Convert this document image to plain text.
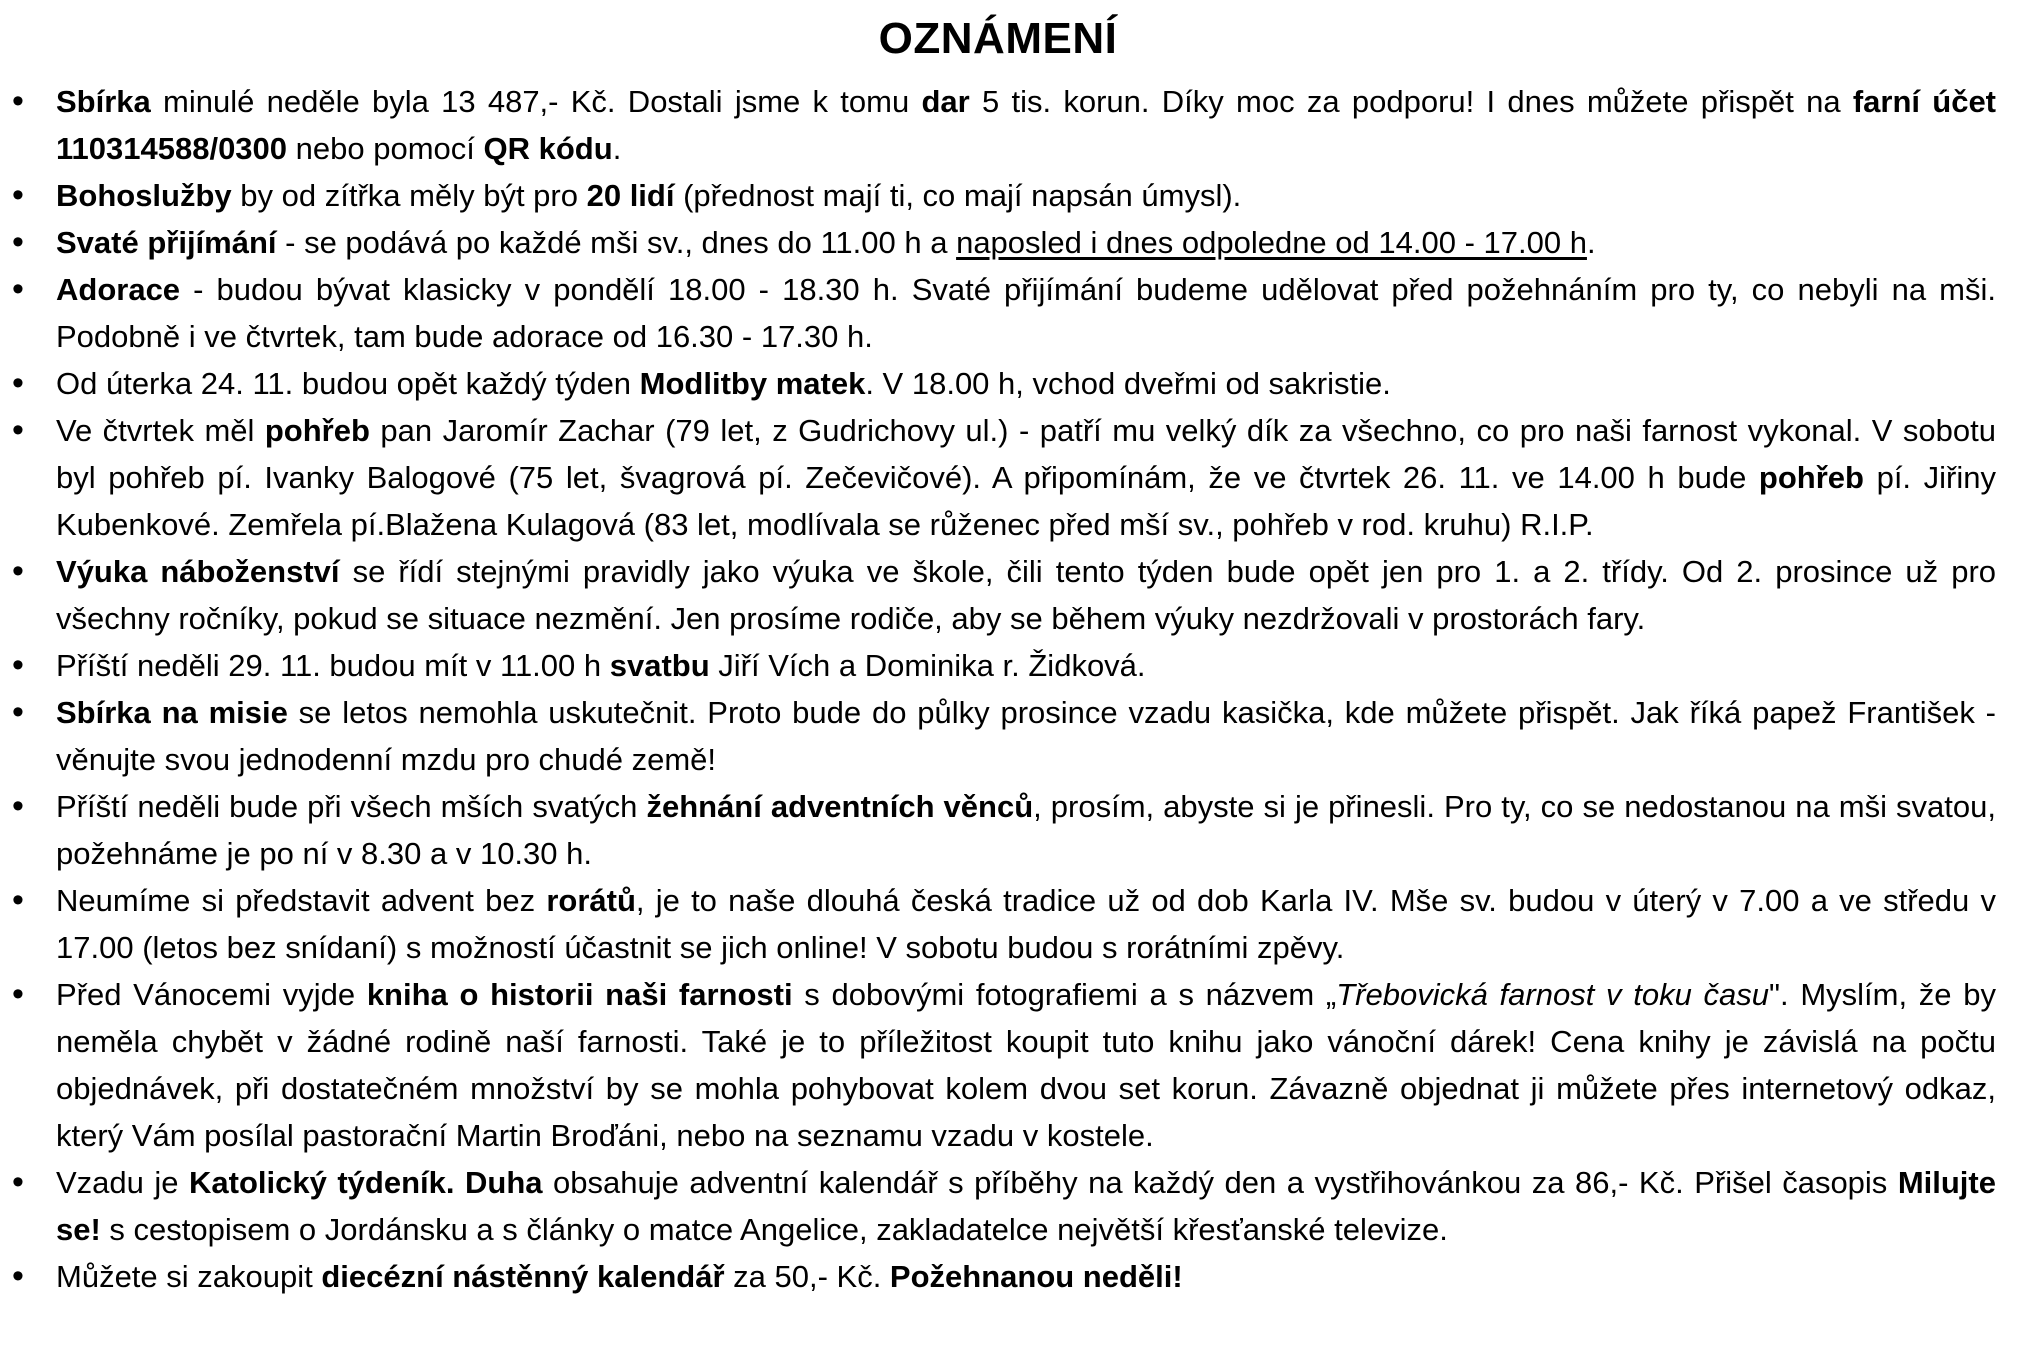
OZNÁMENÍ
• Sbírka minulé neděle byla 13 487,- Kč. Dostali jsme k tomu dar 5 tis. korun. Díky moc za podporu! I dnes můžete přispět na farní účet 110314588/0300 nebo pomocí QR kódu.
• Bohoslužby by od zítřka měly být pro 20 lidí (přednost mají ti, co mají napsán úmysl).
• Svaté přijímání - se podává po každé mši sv., dnes do 11.00 h a naposled i dnes odpoledne od 14.00 - 17.00 h.
• Adorace - budou bývat klasicky v pondělí 18.00 - 18.30 h. Svaté přijímání budeme udělovat před požehnáním pro ty, co nebyli na mši. Podobně i ve čtvrtek, tam bude adorace od 16.30 - 17.30 h.
• Od úterka 24. 11. budou opět každý týden Modlitby matek. V 18.00 h, vchod dveřmi od sakristie.
• Ve čtvrtek měl pohřeb pan Jaromír Zachar (79 let, z Gudrichovy ul.) - patří mu velký dík za všechno, co pro naši farnost vykonal. V sobotu byl pohřeb pí. Ivanky Balogové (75 let, švagrová pí. Zečevičové). A připomínám, že ve čtvrtek 26. 11. ve 14.00 h bude pohřeb pí. Jiřiny Kubenkové. Zemřela pí.Blažena Kulagová (83 let, modlívala se růženec před mší sv., pohřeb v rod. kruhu) R.I.P.
• Výuka náboženství se řídí stejnými pravidly jako výuka ve škole, čili tento týden bude opět jen pro 1. a 2. třídy. Od 2. prosince už pro všechny ročníky, pokud se situace nezmění. Jen prosíme rodiče, aby se během výuky nezdržovali v prostorách fary.
• Příští neděli 29. 11. budou mít v 11.00 h svatbu Jiří Vích a Dominika r. Židková.
• Sbírka na misie se letos nemohla uskutečnit. Proto bude do půlky prosince vzadu kasička, kde můžete přispět. Jak říká papež František - věnujte svou jednodenní mzdu pro chudé země!
• Příští neděli bude při všech mších svatých žehnání adventních věnců, prosím, abyste si je přinesli. Pro ty, co se nedostanou na mši svatou, požehnáme je po ní v 8.30 a v 10.30 h.
• Neumíme si představit advent bez rorátů, je to naše dlouhá česká tradice už od dob Karla IV. Mše sv. budou v úterý v 7.00 a ve středu v 17.00 (letos bez snídaní) s možností účastnit se jich online! V sobotu budou s rorátními zpěvy.
• Před Vánocemi vyjde kniha o historii naši farnosti s dobovými fotografiemi a s názvem „Třebovická farnost v toku času". Myslím, že by neměla chybět v žádné rodině naší farnosti. Také je to příležitost koupit tuto knihu jako vánoční dárek! Cena knihy je závislá na počtu objednávek, při dostatečném množství by se mohla pohybovat kolem dvou set korun. Závazně objednat ji můžete přes internetový odkaz, který Vám posílal pastorační Martin Broďáni, nebo na seznamu vzadu v kostele.
• Vzadu je Katolický týdeník. Duha obsahuje adventní kalendář s příběhy na každý den a vystřihovánkou za 86,- Kč. Přišel časopis Milujte se! s cestopisem o Jordánsku a s články o matce Angelice, zakladatelce největší křesťanské televize.
• Můžete si zakoupit diecézní nástěnný kalendář za 50,- Kč. Požehnanou neděli!
